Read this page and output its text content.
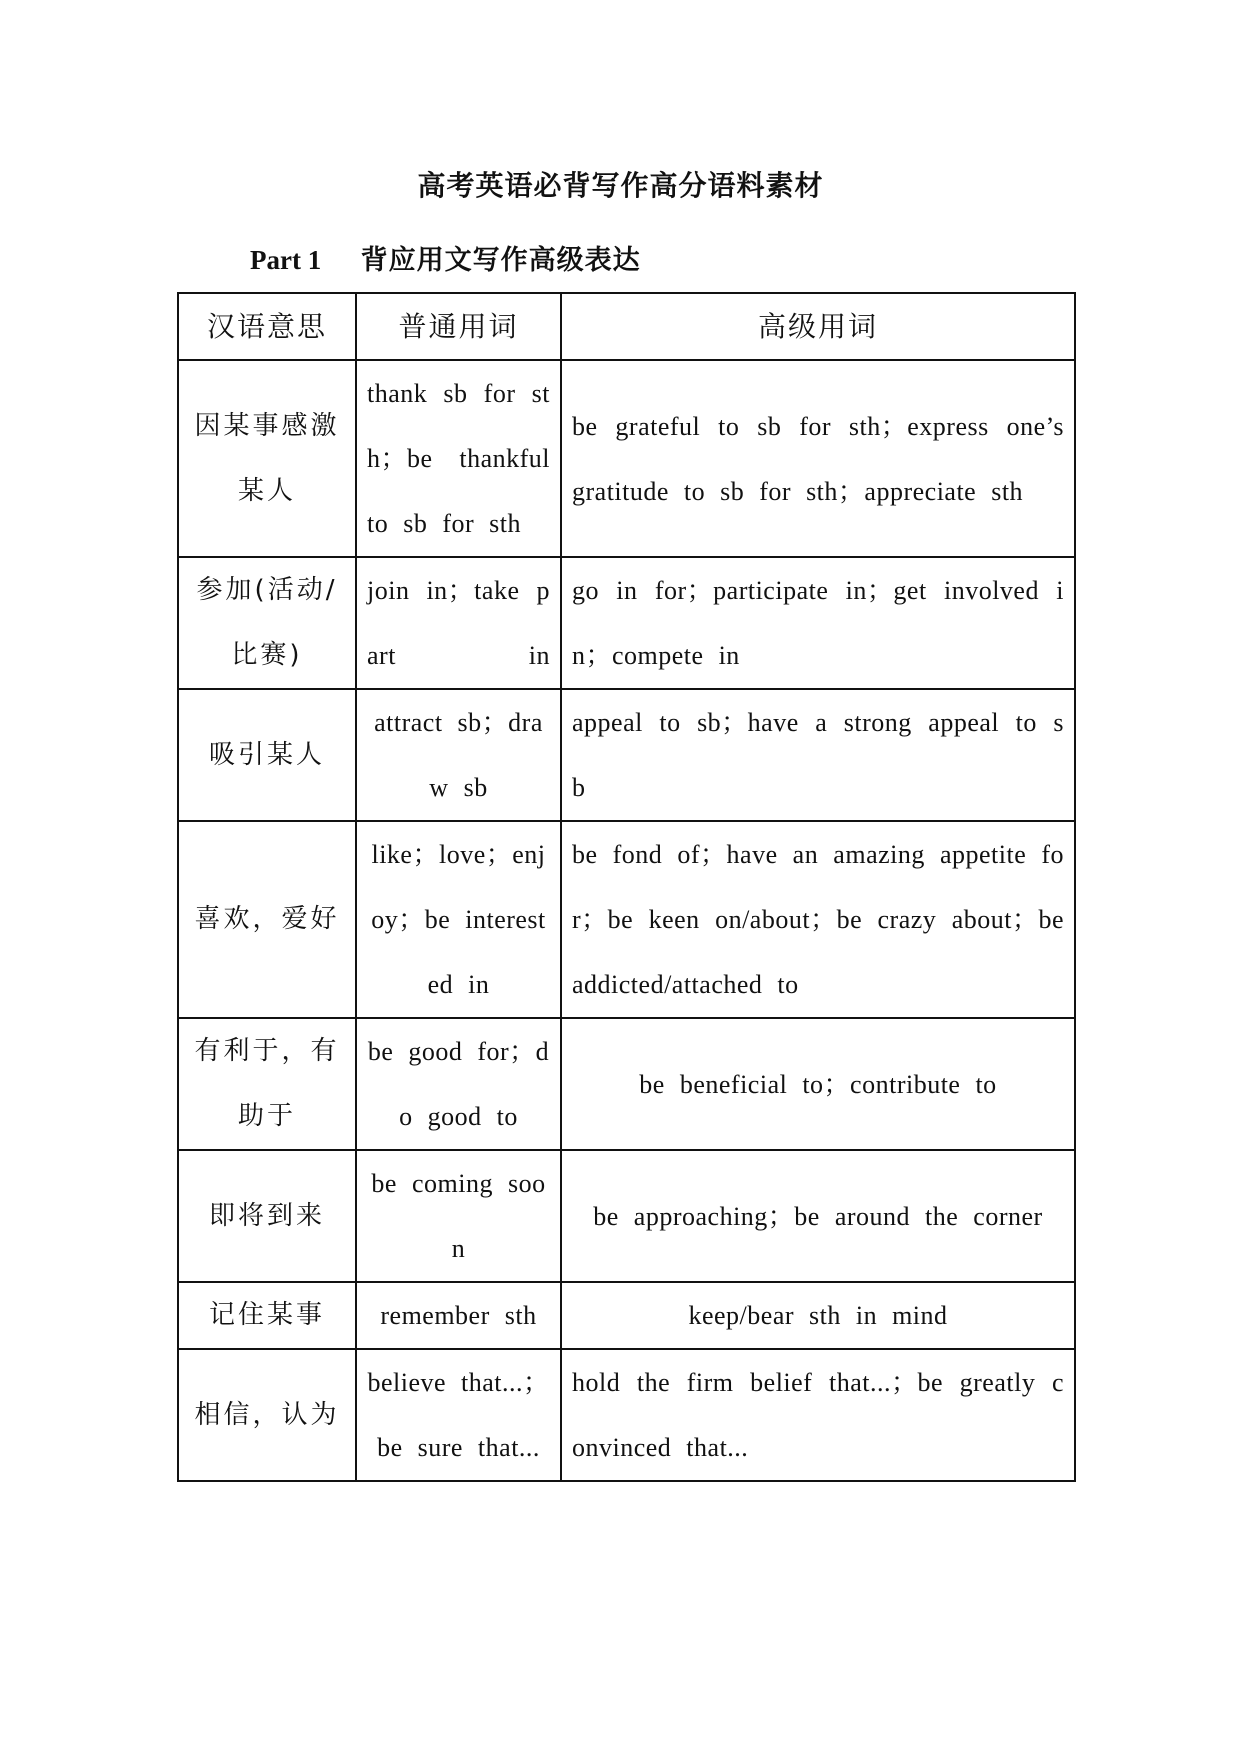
高考英语必背写作高分语料素材
Part 1 背应用文写作高级表达
汉语意思	普通用词	高级用词
因某事感激某人	thank sb for sth；be thankful to sb for sth	be grateful to sb for sth；express one’s gratitude to sb for sth；appreciate sth
参加(活动/比赛)	join in；take part in	go in for；participate in；get involved in；compete in
吸引某人	attract sb；draw sb	appeal to sb；have a strong appeal to sb
喜欢，爱好	like；love；enjoy；be interested in	be fond of；have an amazing appetite for；be keen on/about；be crazy about；be addicted/attached to
有利于，有助于	be good for；do good to	be beneficial to；contribute to
即将到来	be coming soon	be approaching；be around the corner
记住某事	remember sth	keep/bear sth in mind
相信，认为	believe that...；be sure that...	hold the firm belief that...；be greatly convinced that...
